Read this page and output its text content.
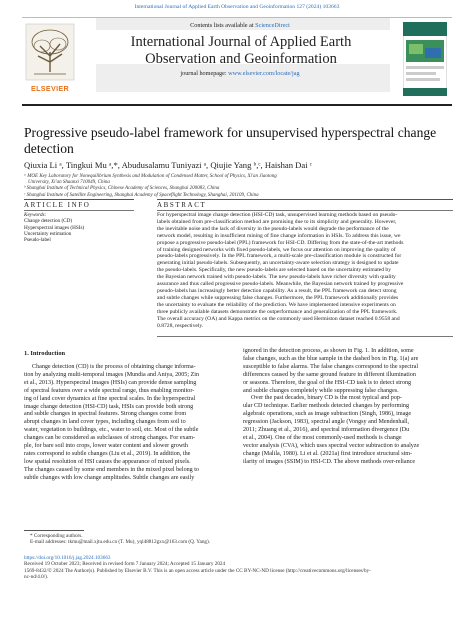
International Journal of Applied Earth Observation and Geoinformation 127 (2024) 103663
ELSEVIER
Contents lists available at ScienceDirect
International Journal of Applied Earth Observation and Geoinformation
journal homepage: www.elsevier.com/locate/jag
Progressive pseudo-label framework for unsupervised hyperspectral change detection
Qiuxia Li ᵃ, Tingkui Mu ᵃ,*, Abudusalamu Tuniyazi ᵃ, Qiujie Yang ᵇ,ᶜ, Haishan Dai ᶜ
ᵃ MOE Key Laboratory for Nonequilibrium Synthesis and Modulation of Condensed Matter, School of Physics, Xi'an Jiaotong
University, Xi'an Shaanxi 710049, China
ᵇ Shanghai Institute of Technical Physics, Chinese Academy of Sciences, Shanghai 200083, China
ᶜ Shanghai Institute of Satellite Engineering, Shanghai Academy of Spaceflight Technology, Shanghai, 201109, China
ARTICLE INFO	ABSTRACT
Keywords:
Change detection (CD)
Hyperspectral images (HSIs)
Uncertainty estimation
Pseudo-label
For hyperspectral image change detection (HSI-CD) task, unsupervised learning methods based on pseudo-
labels obtained from pre-classification method are promising due to its simplicity and generality. However,
the inevitable noise and the lack of diversity in the pseudo-labels would degrade the performance of the
network model, resulting in insufficient mining of fine change information in HSIs. To address this issue, we
propose a progressive pseudo-label (PPL) framework for HSI-CD. Differing from the state-of-the-art methods
of training designed networks with fixed pseudo-labels, we focus our attention on improving the quality of
pseudo-labels progressively. In the PPL framework, a multi-scale pre-classification module is constructed for
generating initial pseudo-labels. Subsequently, an uncertainty-aware selection strategy is designed to update
the pseudo-labels. Specifically, the new pseudo-labels are selected based on the uncertainty estimated by
the Bayesian network trained with pseudo-labels. The new pseudo-labels have richer diversity with quality
assurance and thus called progressive pseudo-labels. Meanwhile, the Bayesian network trained by progressive
pseudo-labels has increasingly better detection capability. As a result, the PPL framework can detect strong
and subtle changes while suppressing false changes. Furthermore, the PPL framework additionally provides
the uncertainty to evaluate the reliability of the prediction. We have implemented intensive experiments on
three publicly available datasets demonstrate the outperformance and generalization of the PPL framework.
The overall accuracy (OA) and Kappa metrics on the commonly used Hermiston dataset reached 0.9558 and
0.8728, respectively.
1. Introduction
Change detection (CD) is the process of obtaining change informa-
tion by analyzing multi-temporal images (Mundia and Aniya, 2005; Zin
et al., 2013). Hyperspectral images (HSIs) can provide dense sampling
of spectral features over a wide spectral range, thus enabling monitor-
ing of land cover dynamics at fine spectral scales. In the hyperspectral
image change detection (HSI-CD) task, HSIs can provide both strong
and subtle changes in spectral features. Strong changes come from
abrupt changes in land cover types, including changes from soil to
water, vegetation to buildings, etc., water to soil, etc. Most of the subtle
changes can be considered as subclasses of strong changes. For exam-
ple, for bare soil into crops, lower water content and slower growth
rates correspond to subtle changes (Liu et al., 2019). In addition, the
low spatial resolution of HSI causes the appearance of mixed pixels.
The changes caused by some end members in the mixed pixel belong to
subtle changes with low change amplitudes. Subtle changes are easily
ignored in the detection process, as shown in Fig. 1. In addition, some
false changes, such as the blue sample in the dashed box in Fig. 1(a) are
susceptible to false alarms. The false changes correspond to the spectral
differences caused by the same ground feature in different illumination
or seasons. Therefore, the goal of the HSI-CD task is to detect strong
and subtle changes completely while suppressing false changes.
Over the past decades, binary CD is the most typical and pop-
ular CD technique. Earlier methods detected changes by performing
algebraic operations, such as image subtraction (Singh, 1986), image
regression (Jackson, 1983), spectral angle (Vongsy and Mendenhall,
2011; Zhuang et al., 2016), and spectral information divergence (Du
et al., 2004). One of the most commonly-used methods is change
vector analysis (CVA), which uses spectral vector subtraction to analyze
change (Malila, 1980). Li et al. (2021a) first introduce structural sim-
ilarity of images (SSIM) to HSI-CD. The above methods over-reliance
* Corresponding authors.
E-mail addresses: tkmu@mail.xjtu.edu.cn (T. Mu), yql48812gxx@163.com (Q. Yang).
https://doi.org/10.1016/j.jag.2024.103663
Received 19 October 2023; Received in revised form 7 January 2024; Accepted 15 January 2024
1569-8432/© 2024 The Author(s). Published by Elsevier B.V. This is an open access article under the CC BY-NC-ND license (http://creativecommons.org/licenses/by-
nc-nd/4.0/).
